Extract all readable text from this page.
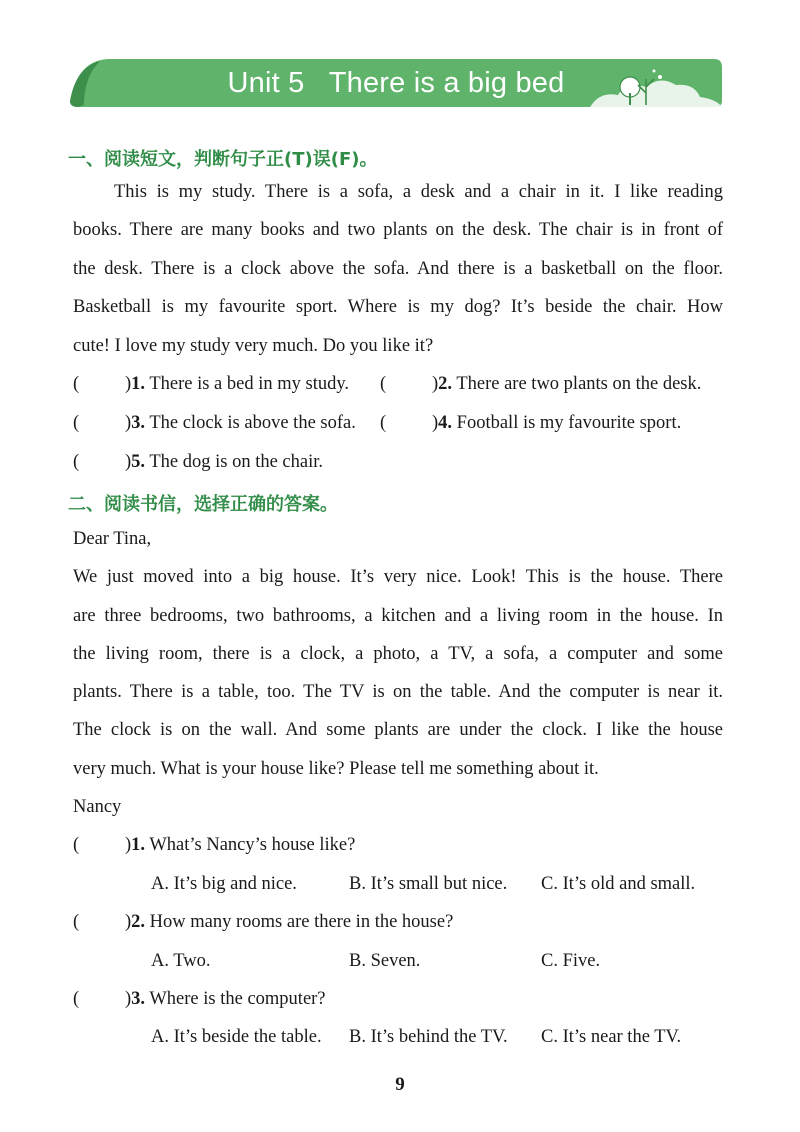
Unit 5   There is a big bed
一、阅读短文，判断句子正(T)误(F)。
This is my study. There is a sofa, a desk and a chair in it. I like reading
books. There are many books and two plants on the desk. The chair is in front of
the desk. There is a clock above the sofa. And there is a basketball on the floor.
Basketball is my favourite sport. Where is my dog? It’s beside the chair. How
cute! I love my study very much. Do you like it?
( )1. There is a bed in my study. ( )2. There are two plants on the desk.
( )3. The clock is above the sofa. ( )4. Football is my favourite sport.
( )5. The dog is on the chair.
二、阅读书信，选择正确的答案。
Dear Tina,
We just moved into a big house. It’s very nice. Look! This is the house. There
are three bedrooms, two bathrooms, a kitchen and a living room in the house. In
the living room, there is a clock, a photo, a TV, a sofa, a computer and some
plants. There is a table, too. The TV is on the table. And the computer is near it.
The clock is on the wall. And some plants are under the clock. I like the house
very much. What is your house like? Please tell me something about it.
Nancy
( )1. What’s Nancy’s house like?
A. It’s big and nice.	B. It’s small but nice. C. It’s old and small.
( )2. How many rooms are there in the house?
A. Two.	B. Seven.	C. Five.
( )3. Where is the computer?
A. It’s beside the table. B. It’s behind the TV. C. It’s near the TV.
9
